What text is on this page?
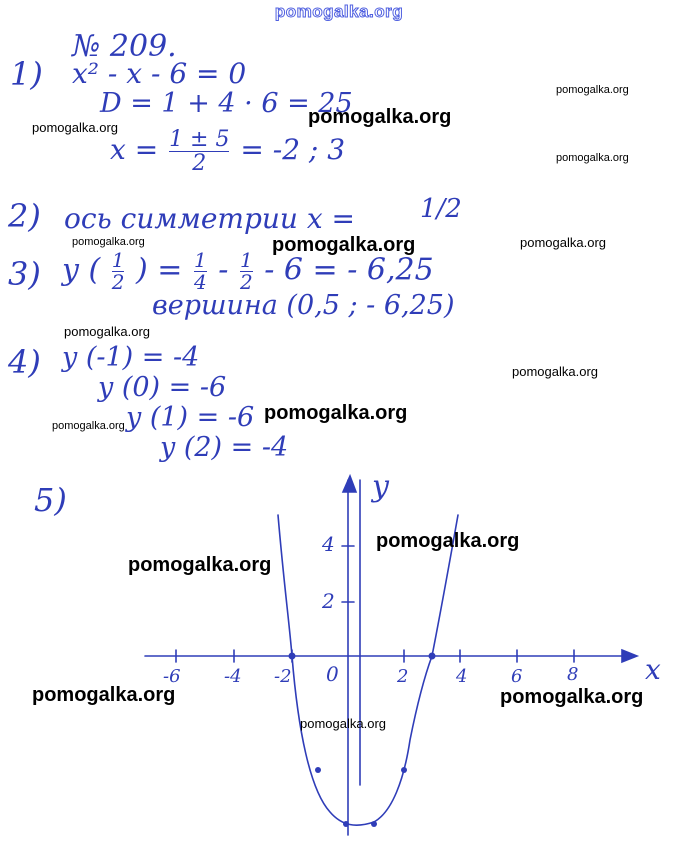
pomogalka.org
№ 209.
1) x² - x - 6 = 0
D = 1 + 4 · 6 = 25
$x = \frac{1 \pm 5}{2} = -2$ ; 3
2) ось симметрии x =	1/2
3) y ( $\frac{1}{2}$ ) = $\frac{1}{4} - \frac{1}{2} - 6$ = - 6,25
вершина (0,5 ; - 6,25)
4) y (-1) = -4
y (0) = -6
y (1) = -6
y (2) = -4
5)
x
y
-6 -4 -2 0	2	4 6 8
4
2
pomogalka.org
pomogalka.org	pomogalka.org
pomogalka.org
pomogalka.org	pomogalka.org	pomogalka.org
pomogalka.org
pomogalka.org
pomogalka.org
pomogalka.org
pomogalka.org
pomogalka.org
pomogalka.org	pomogalka.org
pomogalka.org
